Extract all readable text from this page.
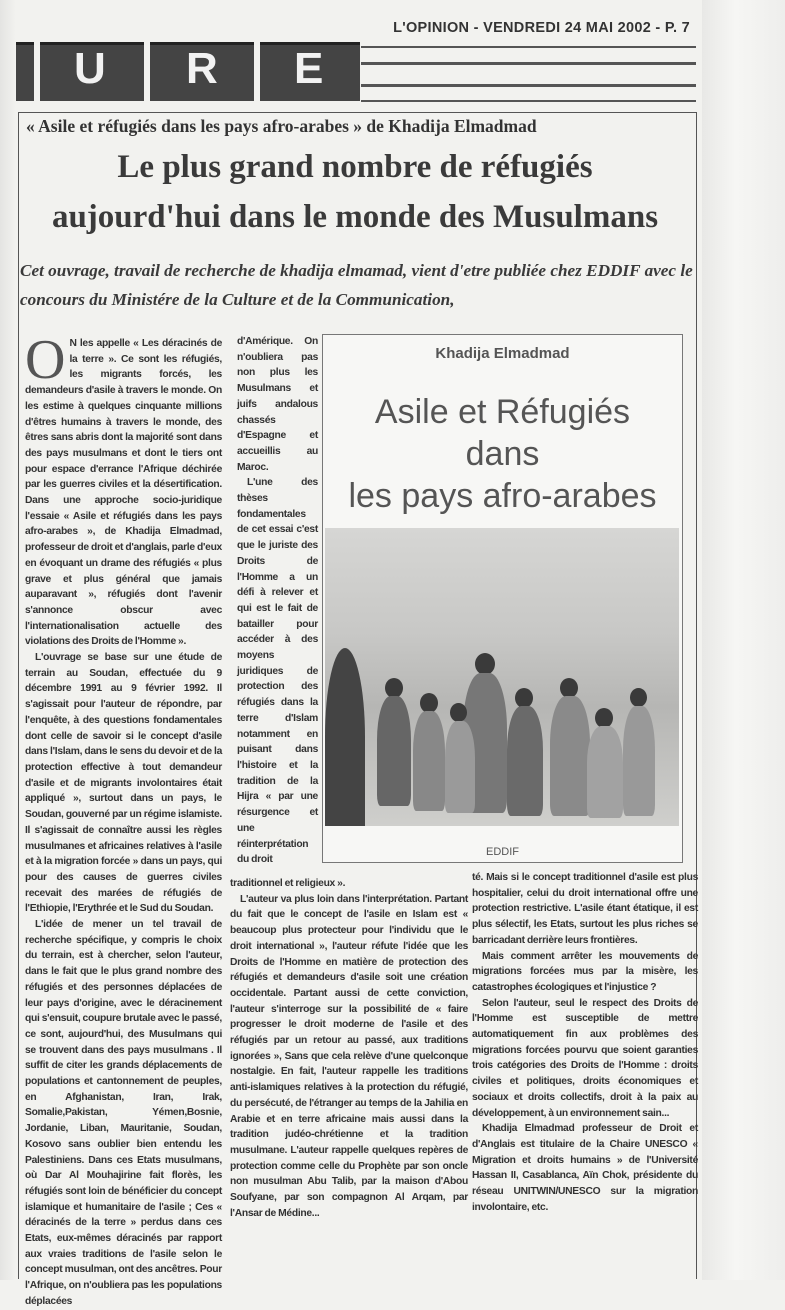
L'OPINION - VENDREDI 24 MAI 2002 - P. 7
U R E
« Asile et réfugiés dans les pays afro-arabes » de Khadija Elmadmad
Le plus grand nombre de réfugiés
aujourd'hui dans le monde des Musulmans
Cet ouvrage, travail de recherche de khadija elmamad, vient d'etre publiée chez EDDIF avec le concours du Ministére de la Culture et de la Communication,

O N les appelle « Les déracinés de la terre ». Ce sont les réfugiés, les migrants forcés, les demandeurs d'asile à travers le monde. On les estime à quelques cinquante millions d'êtres humains à travers le monde, des êtres sans abris dont la majorité sont dans des pays musulmans et dont le tiers ont pour espace d'errance l'Afrique déchirée par les guerres civiles et la désertification. Dans une approche socio-juridique l'essaie « Asile et réfugiés dans les pays afro-arabes », de Khadija Elmadmad, professeur de droit et d'anglais, parle d'eux en évoquant un drame des réfugiés « plus grave et plus général que jamais auparavant », réfugiés dont l'avenir s'annonce obscur avec l'internationalisation actuelle des violations des Droits de l'Homme ».

L'ouvrage se base sur une étude de terrain au Soudan, effectuée du 9 décembre 1991 au 9 février 1992. Il s'agissait pour l'auteur de répondre, par l'enquête, à des questions fondamentales dont celle de savoir si le concept d'asile dans l'Islam, dans le sens du devoir et de la protection effective à tout demandeur d'asile et de migrants involontaires était appliqué », surtout dans un pays, le Soudan, gouverné par un régime islamiste. Il s'agissait de connaître aussi les règles musulmanes et africaines relatives à l'asile et à la migration forcée » dans un pays, qui pour des causes de guerres civiles recevait des marées de réfugiés de l'Ethiopie, l'Erythrée et le Sud du Soudan.

L'idée de mener un tel travail de recherche spécifique, y compris le choix du terrain, est à chercher, selon l'auteur, dans le fait que le plus grand nombre des réfugiés et des personnes déplacées de leur pays d'origine, avec le déracinement qui s'ensuit, coupure brutale avec le passé, ce sont, aujourd'hui, des Musulmans qui se trouvent dans des pays musulmans . Il suffit de citer les grands déplacements de populations et cantonnement de peuples, en Afghanistan, Iran, Irak, Somalie,Pakistan, Yémen,Bosnie, Jordanie, Liban, Mauritanie, Soudan, Kosovo sans oublier bien entendu les Palestiniens. Dans ces Etats musulmans, où Dar Al Mouhajirine fait florès, les réfugiés sont loin de bénéficier du concept islamique et humanitaire de l'asile ; Ces « déracinés de la terre » perdus dans ces Etats, eux-mêmes déracinés par rapport aux vraies traditions de l'asile selon le concept musulman, ont des ancêtres. Pour l'Afrique, on n'oubliera pas les populations déplacées

d'Amérique. On n'oubliera pas non plus les Musulmans et juifs andalous chassés d'Espagne et accueillis au Maroc.

L'une des thèses fondamentales de cet essai c'est que le juriste des Droits de l'Homme a un défi à relever et qui est le fait de batailler pour accéder à des moyens juridiques de protection des réfugiés dans la terre d'Islam notamment en puisant dans l'histoire et la tradition de la Hijra « par une résurgence et une réinterprétation du droit

Khadija Elmadmad
Asile et Réfugiés
dans
les pays afro-arabes
EDDIF

traditionnel et religieux ».

L'auteur va plus loin dans l'interprétation. Partant du fait que le concept de l'asile en Islam est « beaucoup plus protecteur pour l'individu que le droit international », l'auteur réfute l'idée que les Droits de l'Homme en matière de protection des réfugiés et demandeurs d'asile soit une création occidentale. Partant aussi de cette conviction, l'auteur s'interroge sur la possibilité de « faire progresser le droit moderne de l'asile et des réfugiés par un retour au passé, aux traditions ignorées », Sans que cela relève d'une quelconque nostalgie. En fait, l'auteur rappelle les traditions anti-islamiques relatives à la protection du réfugié, du persécuté, de l'étranger au temps de la Jahilia en Arabie et en terre africaine mais aussi dans la tradition judéo-chrétienne et la tradition musulmane. L'auteur rappelle quelques repères de protection comme celle du Prophète par son oncle non musulman Abu Talib, par la maison d'Abou Soufyane, par son compagnon Al Arqam, par l'Ansar de Médine...

té. Mais si le concept traditionnel d'asile est plus hospitalier, celui du droit international offre une protection restrictive. L'asile étant étatique, il est plus sélectif, les Etats, surtout les plus riches se barricadant derrière leurs frontières.

Mais comment arrêter les mouvements de migrations forcées mus par la misère, les catastrophes écologiques et l'injustice ?

Selon l'auteur, seul le respect des Droits de l'Homme est susceptible de mettre automatiquement fin aux problèmes des migrations forcées pourvu que soient garanties trois catégories des Droits de l'Homme : droits civiles et politiques, droits économiques et sociaux et droits collectifs, droit à la paix au développement, à un environnement sain...

Khadija Elmadmad professeur de Droit et d'Anglais est titulaire de la Chaire UNESCO « Migration et droits humains » de l'Université Hassan II, Casablanca, Aïn Chok, présidente du réseau UNITWIN/UNESCO sur la migration involontaire, etc.
